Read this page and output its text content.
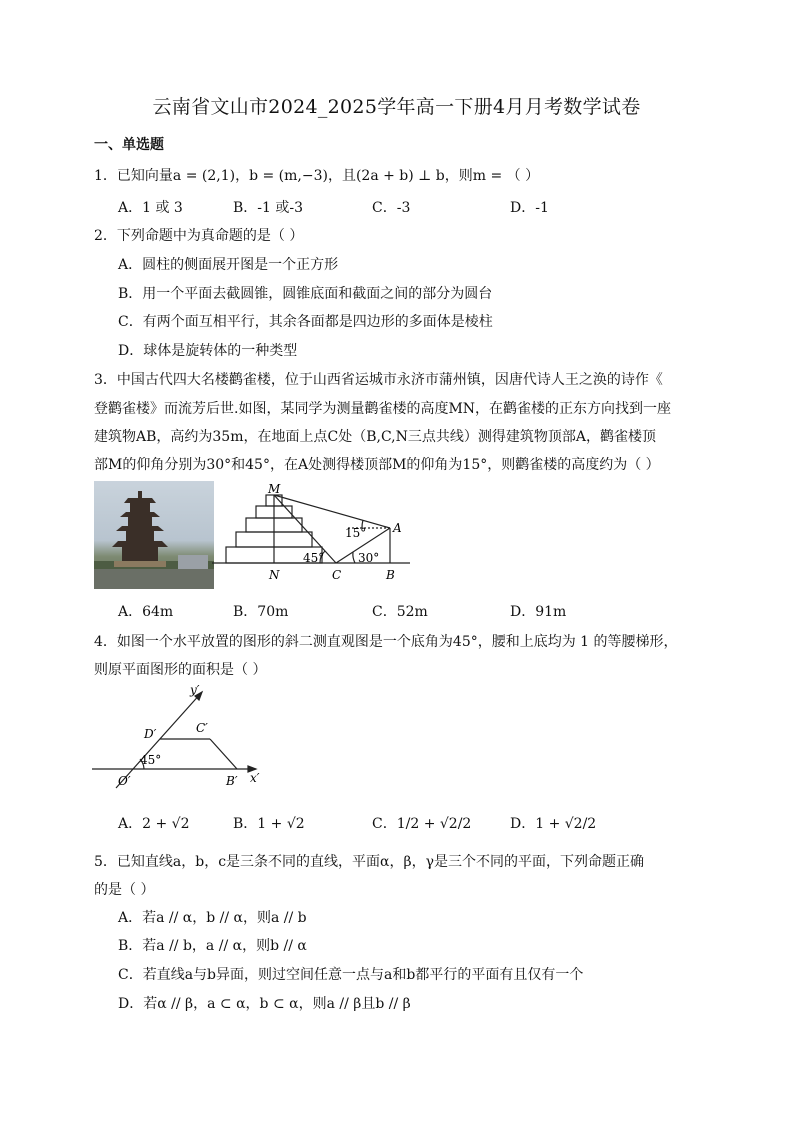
云南省文山市2024_2025学年高一下册4月月考数学试卷
一、单选题
1．已知向量a = (2,1)，b = (m,−3)，且(2a + b) ⊥ b，则m = （ ）
A．1 或 3	B．-1 或-3	C．-3	D．-1
2．下列命题中为真命题的是（ ）
A．圆柱的侧面展开图是一个正方形
B．用一个平面去截圆锥，圆锥底面和截面之间的部分为圆台
C．有两个面互相平行，其余各面都是四边形的多面体是棱柱
D．球体是旋转体的一种类型
3．中国古代四大名楼鹳雀楼，位于山西省运城市永济市蒲州镇，因唐代诗人王之涣的诗作《
登鹳雀楼》而流芳后世.如图，某同学为测量鹳雀楼的高度MN，在鹳雀楼的正东方向找到一座
建筑物AB，高约为35m，在地面上点C处（B,C,N三点共线）测得建筑物顶部A，鹳雀楼顶
部M的仰角分别为30°和45°，在A处测得楼顶部M的仰角为15°，则鹳雀楼的高度约为（ ）
M
A
N	C	B
15°
30°
45°
A．64m	B．70m	C．52m	D．91m
4．如图一个水平放置的图形的斜二测直观图是一个底角为45°，腰和上底均为 1 的等腰梯形，
则原平面图形的面积是（ ）
y′
D′	C′
O′	B′ x′
45°
A．2 + √2	B．1 + √2	C．1/2 + √2/2	D．1 + √2/2
5．已知直线a，b，c是三条不同的直线，平面α，β，γ是三个不同的平面，下列命题正确
的是（ ）
A．若a // α，b // α，则a // b
B．若a // b，a // α，则b // α
C．若直线a与b异面，则过空间任意一点与a和b都平行的平面有且仅有一个
D．若α // β，a ⊂ α，b ⊂ α，则a // β且b // β
